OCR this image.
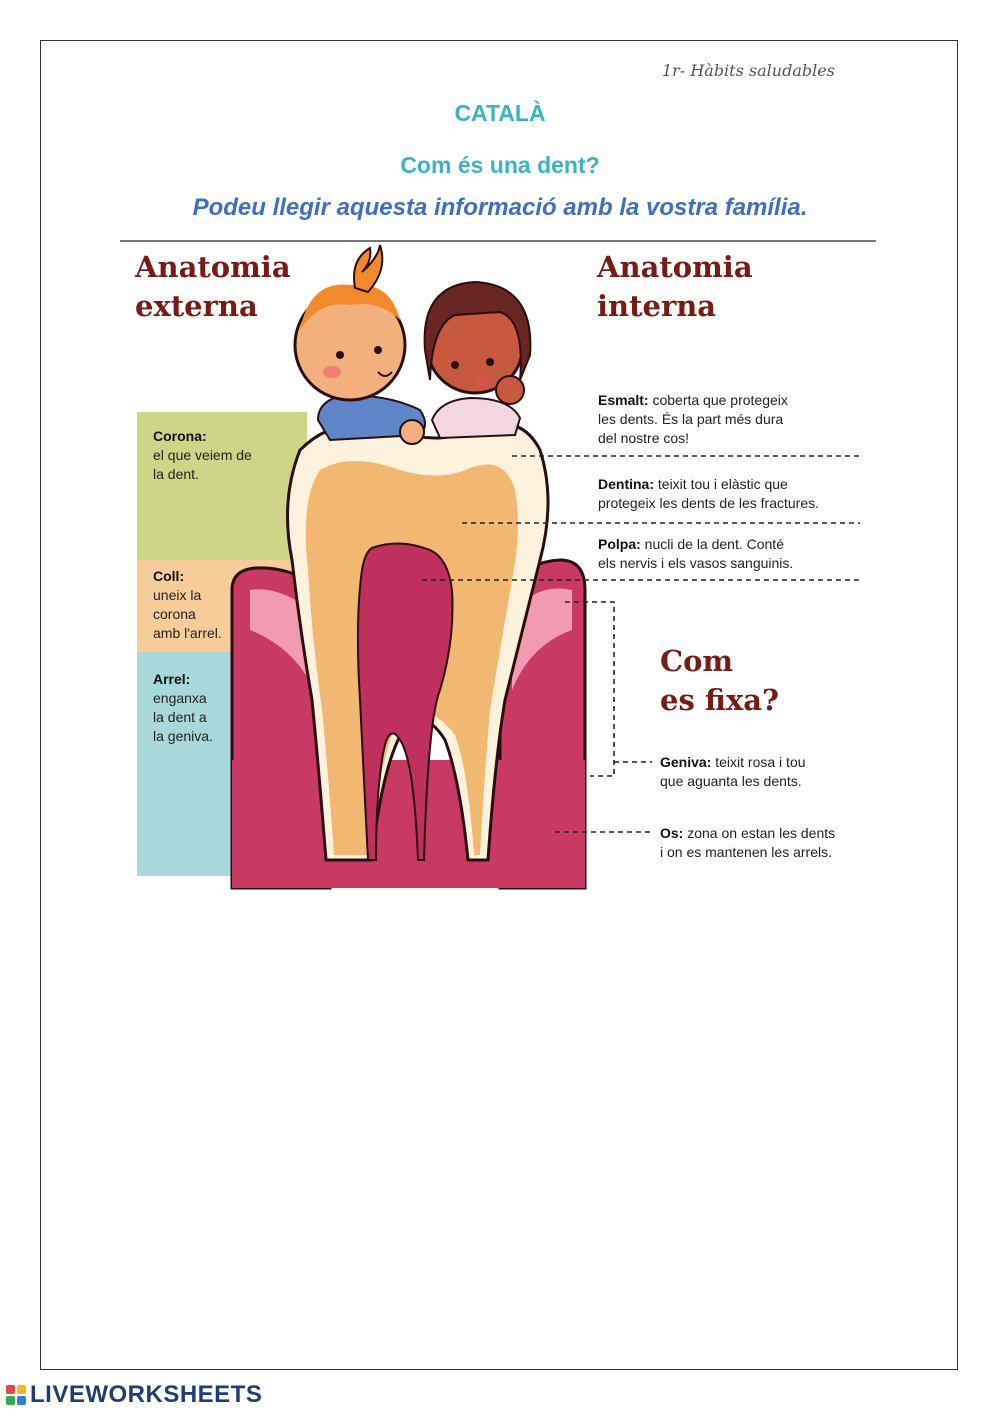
1r- Hàbits saludables
CATALÀ
Com és una dent?
Podeu llegir aquesta informació amb la vostra família.
Anatomia
externa
Anatomia
interna
Com
es fixa?
Corona:
el que veiem de
la dent.
Coll:
uneix la
corona
amb l'arrel.
Arrel:
enganxa
la dent a
la geniva.
Esmalt: coberta que protegeix
les dents. És la part més dura
del nostre cos!
Dentina: teixit tou i elàstic que
protegeix les dents de les fractures.
Polpa: nucli de la dent. Conté
els nervis i els vasos sanguinis.
Geniva: teixit rosa i tou
que aguanta les dents.
Os: zona on estan les dents
i on es mantenen les arrels.
LIVEWORKSHEETS
